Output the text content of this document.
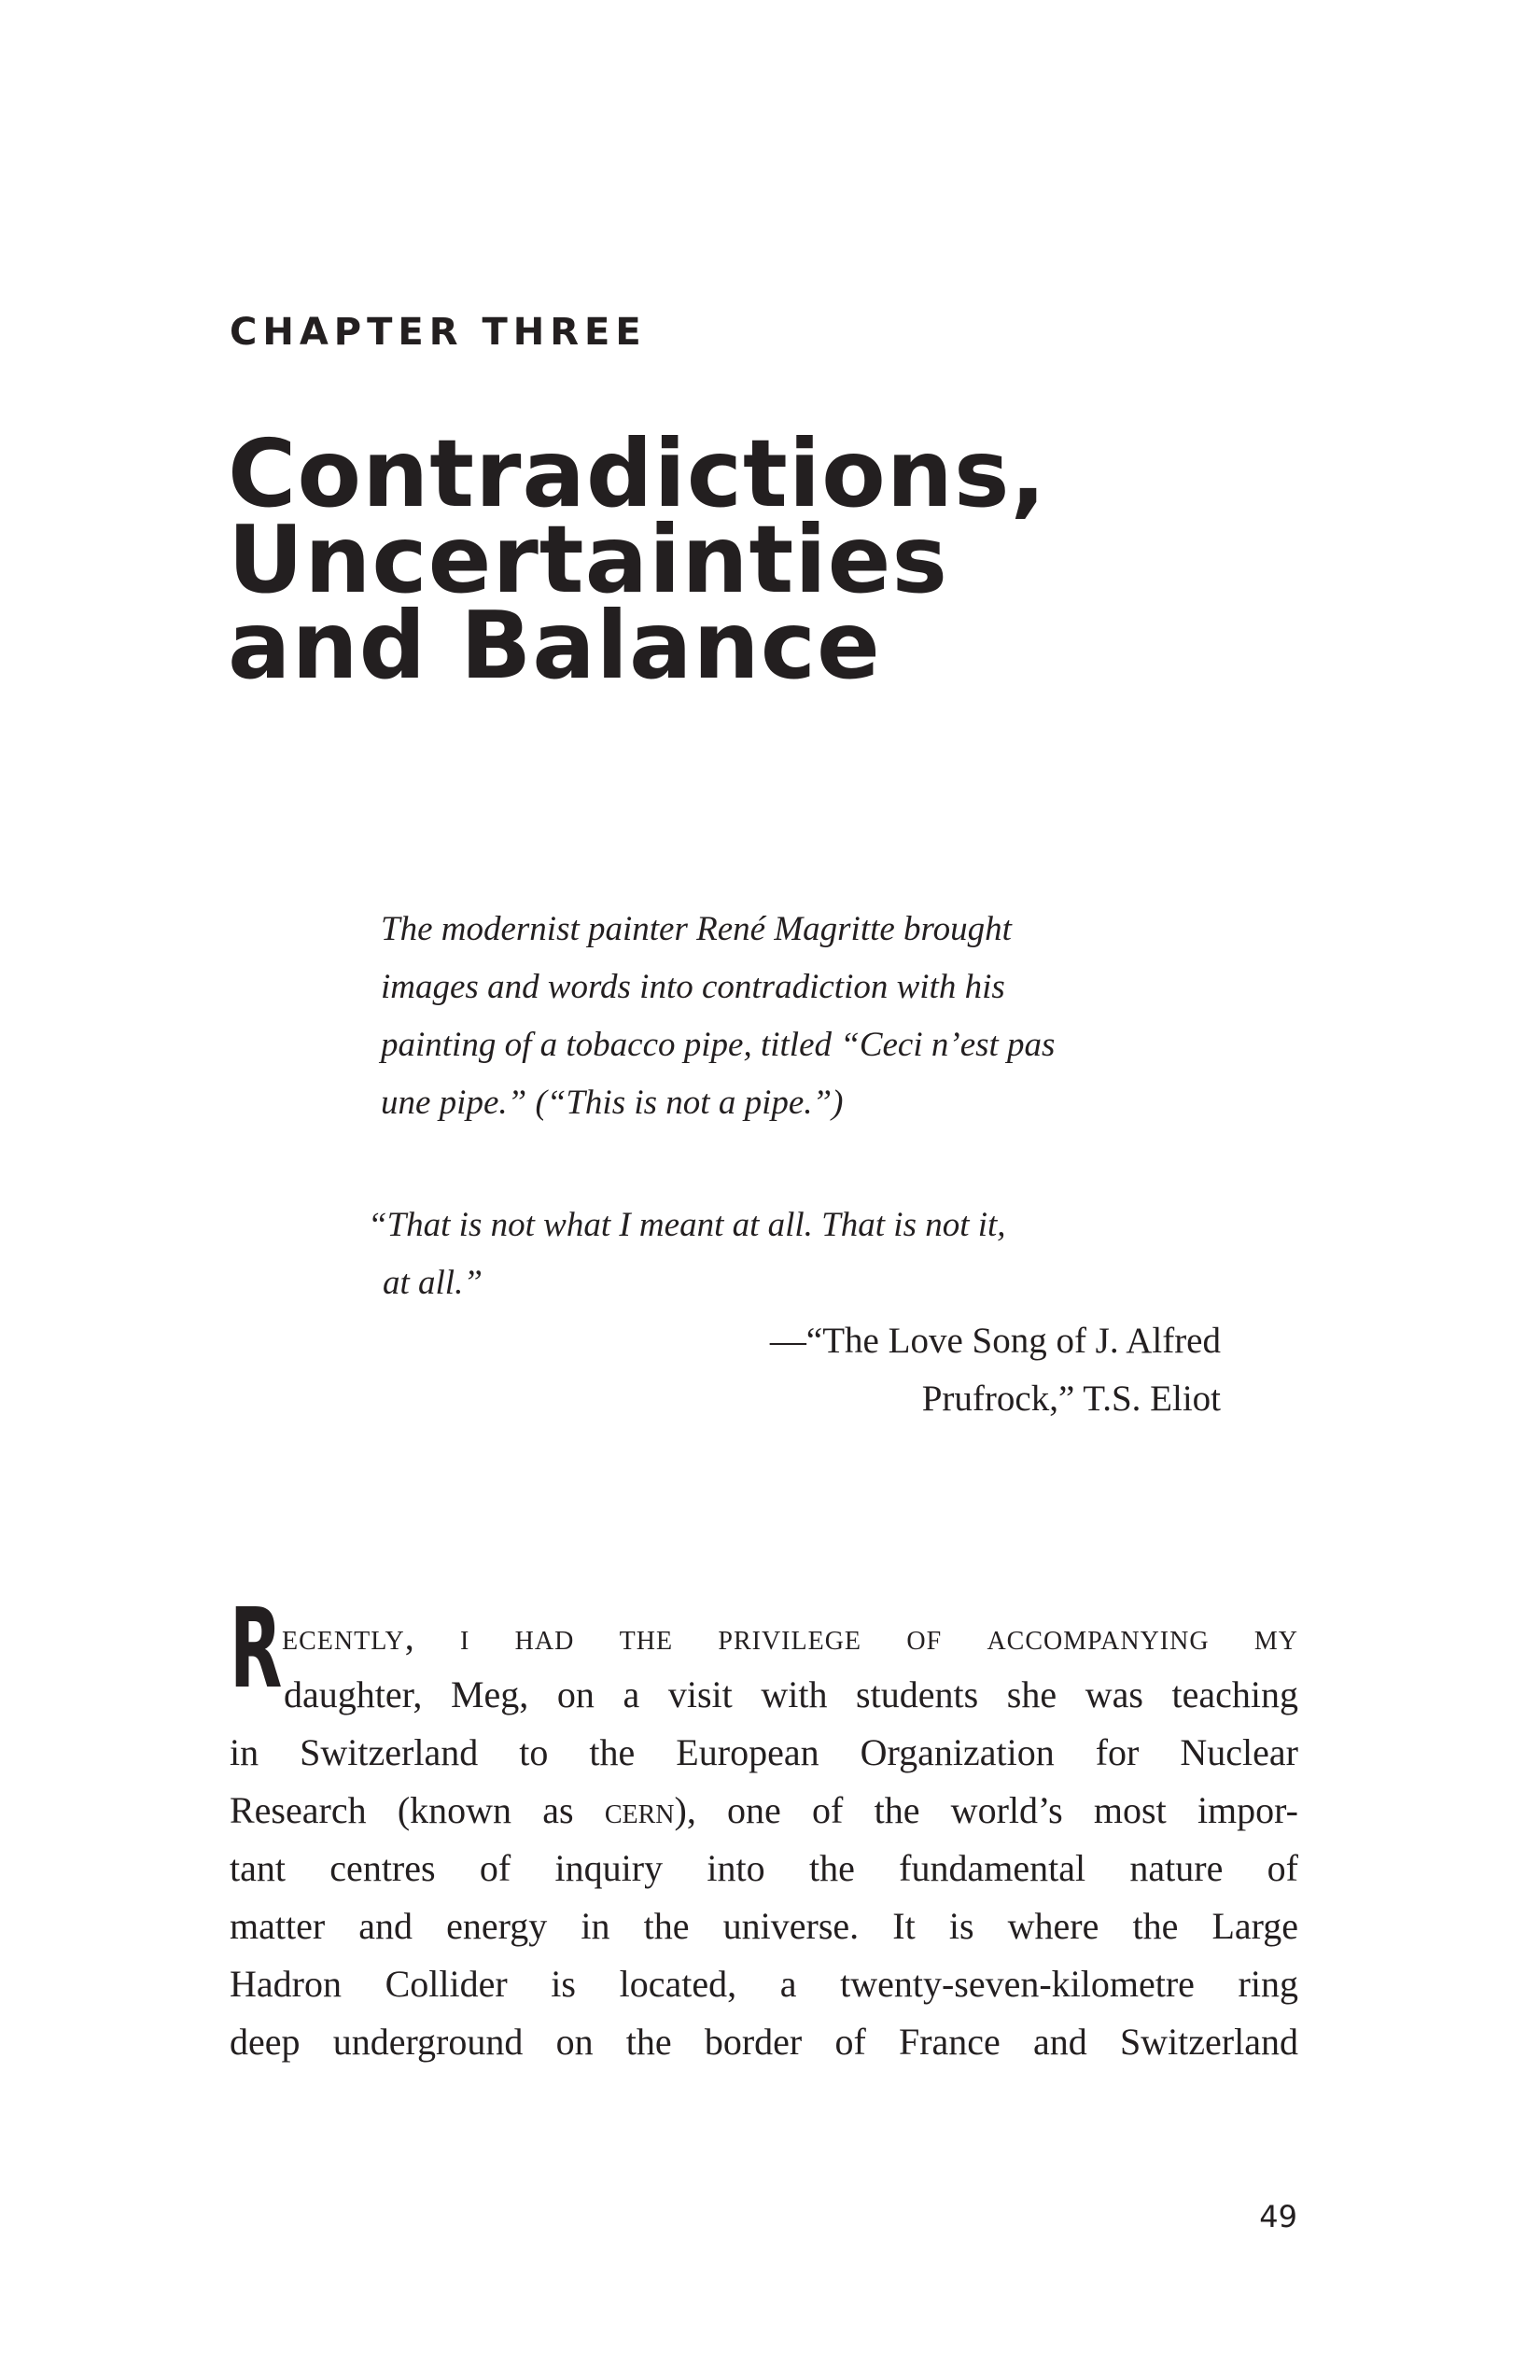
CHAPTER THREE
Contradictions,
Uncertainties
and Balance
The modernist painter René Magritte brought
images and words into contradiction with his
painting of a tobacco pipe, titled “Ceci n’est pas
une pipe.” (“This is not a pipe.”)
“That is not what I meant at all. That is not it,
at all.”
—“The Love Song of J. Alfred
Prufrock,” T.S. Eliot
R ecently, i had the privilege of accompanying my
daughter, Meg, on a visit with students she was teaching
in Switzerland to the European Organization for Nuclear
Research (known as cern), one of the world’s most impor-
tant centres of inquiry into the fundamental nature of
matter and energy in the universe. It is where the Large
Hadron Collider is located, a twenty-seven-kilometre ring
deep underground on the border of France and Switzerland
49
